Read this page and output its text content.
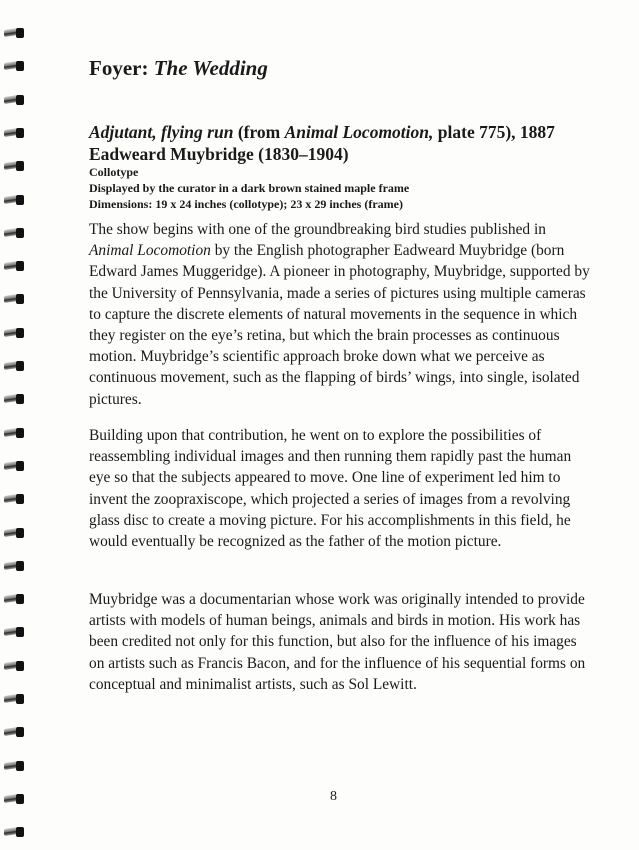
Foyer: The Wedding
Adjutant, flying run (from Animal Locomotion, plate 775), 1887
Eadweard Muybridge (1830–1904)
Collotype
Displayed by the curator in a dark brown stained maple frame
Dimensions: 19 x 24 inches (collotype); 23 x 29 inches (frame)

The show begins with one of the groundbreaking bird studies published in Animal Locomotion by the English photographer Eadweard Muybridge (born Edward James Muggeridge). A pioneer in photography, Muybridge, supported by the University of Pennsylvania, made a series of pictures using multiple cameras to capture the discrete elements of natural movements in the sequence in which they register on the eye’s retina, but which the brain processes as continuous motion. Muybridge’s scientific approach broke down what we perceive as continuous movement, such as the flapping of birds’ wings, into single, isolated pictures.

Building upon that contribution, he went on to explore the possibilities of reassembling individual images and then running them rapidly past the human eye so that the subjects appeared to move. One line of experiment led him to invent the zoopraxiscope, which projected a series of images from a revolving glass disc to create a moving picture. For his accomplishments in this field, he would eventually be recognized as the father of the motion picture.

Muybridge was a documentarian whose work was originally intended to provide artists with models of human beings, animals and birds in motion. His work has been credited not only for this function, but also for the influence of his images on artists such as Francis Bacon, and for the influence of his sequential forms on conceptual and minimalist artists, such as Sol Lewitt.

8
